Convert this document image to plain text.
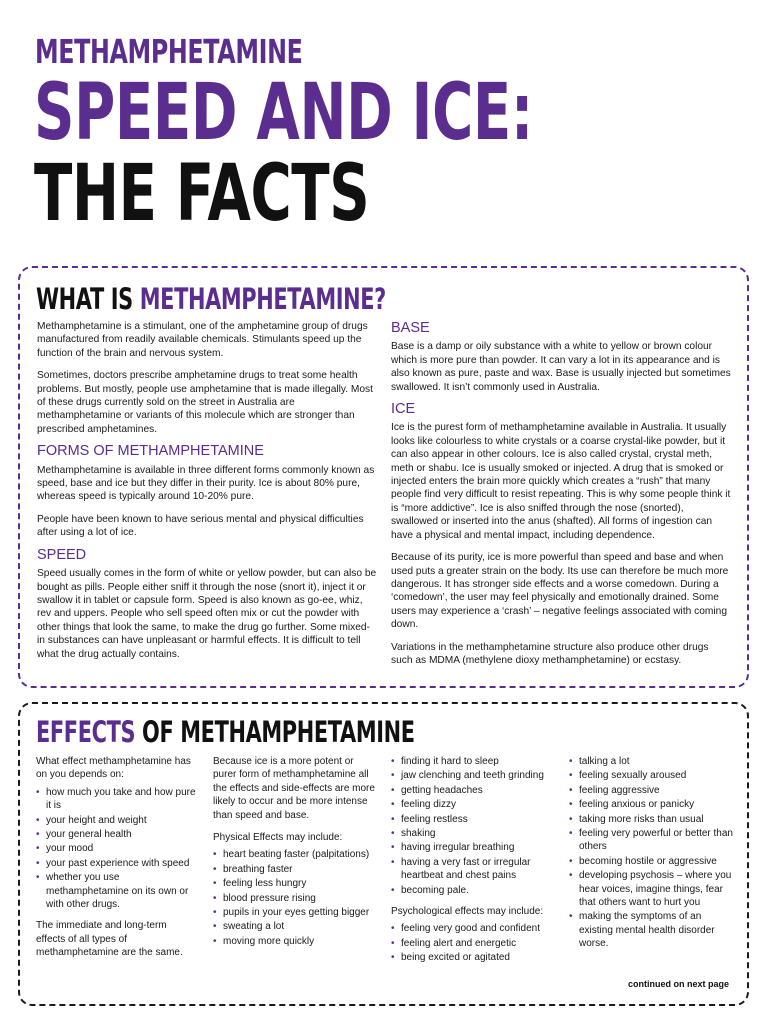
METHAMPHETAMINE
SPEED AND ICE:
THE FACTS
WHAT IS METHAMPHETAMINE?

Methamphetamine is a stimulant, one of the amphetamine group of drugs manufactured from readily available chemicals. Stimulants speed up the function of the brain and nervous system.

Sometimes, doctors prescribe amphetamine drugs to treat some health problems. But mostly, people use amphetamine that is made illegally. Most of these drugs currently sold on the street in Australia are methamphetamine or variants of this molecule which are stronger than prescribed amphetamines.

FORMS OF METHAMPHETAMINE

Methamphetamine is available in three different forms commonly known as speed, base and ice but they differ in their purity. Ice is about 80% pure, whereas speed is typically around 10-20% pure.

People have been known to have serious mental and physical difficulties after using a lot of ice.

SPEED

Speed usually comes in the form of white or yellow powder, but can also be bought as pills. People either sniff it through the nose (snort it), inject it or swallow it in tablet or capsule form. Speed is also known as go-ee, whiz, rev and uppers. People who sell speed often mix or cut the powder with other things that look the same, to make the drug go further. Some mixed-in substances can have unpleasant or harmful effects. It is difficult to tell what the drug actually contains.

BASE

Base is a damp or oily substance with a white to yellow or brown colour which is more pure than powder. It can vary a lot in its appearance and is also known as pure, paste and wax. Base is usually injected but sometimes swallowed. It isn’t commonly used in Australia.

ICE

Ice is the purest form of methamphetamine available in Australia. It usually looks like colourless to white crystals or a coarse crystal-like powder, but it can also appear in other colours. Ice is also called crystal, crystal meth, meth or shabu. Ice is usually smoked or injected. A drug that is smoked or injected enters the brain more quickly which creates a “rush” that many people find very difficult to resist repeating. This is why some people think it is “more addictive”. Ice is also sniffed through the nose (snorted), swallowed or inserted into the anus (shafted). All forms of ingestion can have a physical and mental impact, including dependence.

Because of its purity, ice is more powerful than speed and base and when used puts a greater strain on the body. Its use can therefore be much more dangerous. It has stronger side effects and a worse comedown. During a ‘comedown’, the user may feel physically and emotionally drained. Some users may experience a ‘crash’ – negative feelings associated with coming down.

Variations in the methamphetamine structure also produce other drugs such as MDMA (methylene dioxy methamphetamine) or ecstasy.

EFFECTS OF METHAMPHETAMINE

What effect methamphetamine has on you depends on:

• how much you take and how pure it is
• your height and weight
• your general health
• your mood
• your past experience with speed
• whether you use methamphetamine on its own or with other drugs.

The immediate and long-term effects of all types of methamphetamine are the same.

Because ice is a more potent or purer form of methamphetamine all the effects and side-effects are more likely to occur and be more intense than speed and base.

Physical Effects may include:

• heart beating faster (palpitations)
• breathing faster
• feeling less hungry
• blood pressure rising
• pupils in your eyes getting bigger
• sweating a lot
• moving more quickly
• finding it hard to sleep
• jaw clenching and teeth grinding
• getting headaches
• feeling dizzy
• feeling restless
• shaking
• having irregular breathing
• having a very fast or irregular heartbeat and chest pains
• becoming pale.

Psychological effects may include:

• feeling very good and confident
• feeling alert and energetic
• being excited or agitated
• talking a lot
• feeling sexually aroused
• feeling aggressive
• feeling anxious or panicky
• taking more risks than usual
• feeling very powerful or better than others
• becoming hostile or aggressive
• developing psychosis – where you hear voices, imagine things, fear that others want to hurt you
• making the symptoms of an existing mental health disorder worse.
continued on next page
